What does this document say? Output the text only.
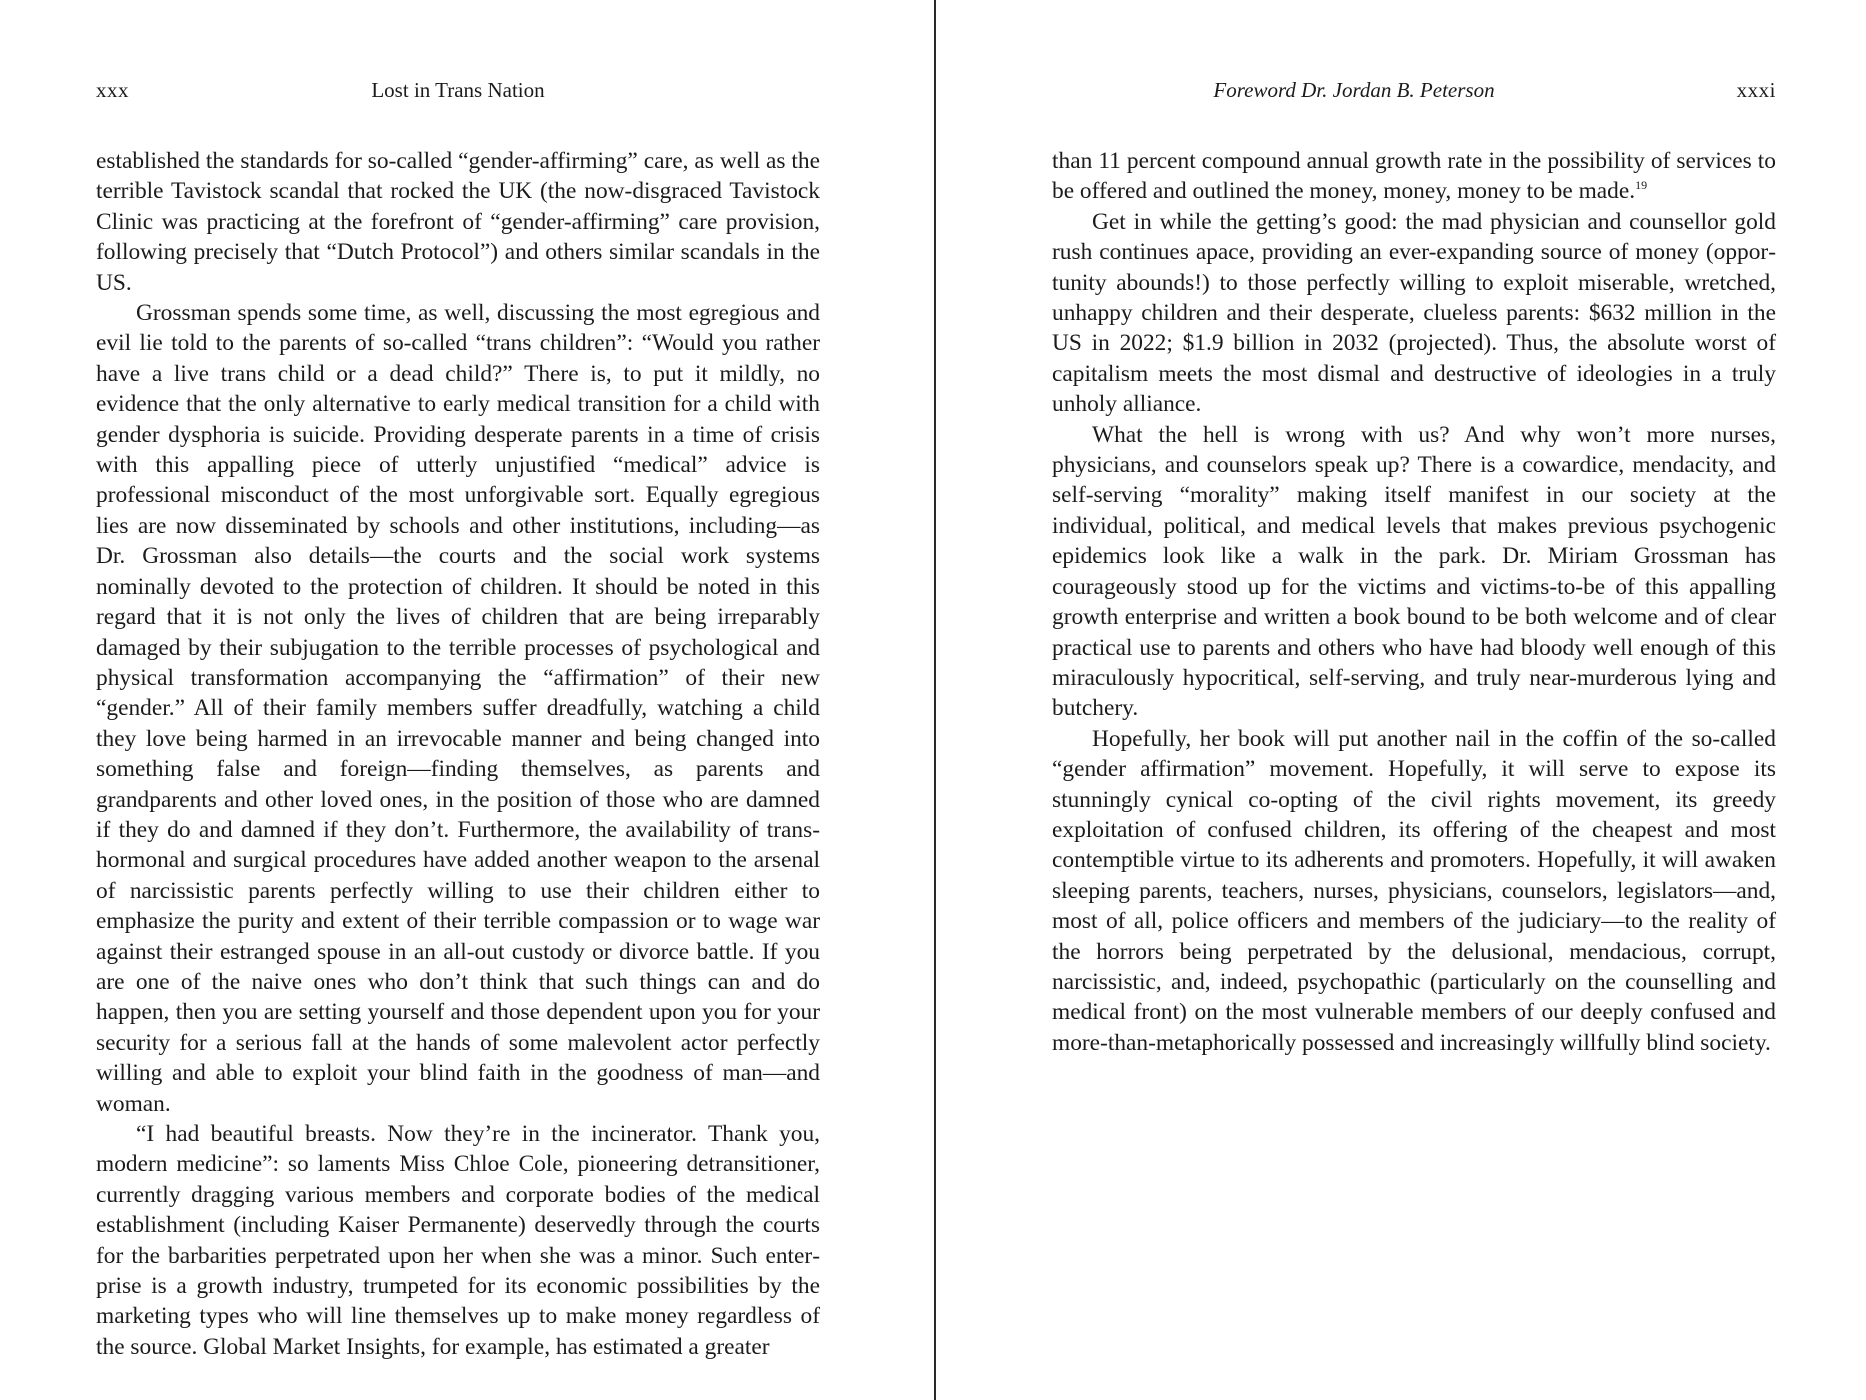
xxx	Lost in Trans Nation

established the standards for so-called “gender-affirming” care, as well as the terrible Tavistock scandal that rocked the UK (the now-disgraced Tavistock Clinic was practicing at the forefront of “gender-affirming” care provision, following precisely that “Dutch Protocol”) and others similar scandals in the US.

Grossman spends some time, as well, discussing the most egregious and evil lie told to the parents of so-called “trans children”: “Would you rather have a live trans child or a dead child?” There is, to put it mildly, no evidence that the only alternative to early medical transition for a child with gender dysphoria is suicide. Providing desperate parents in a time of crisis with this appalling piece of utterly unjustified “medical” advice is professional misconduct of the most unforgivable sort. Equally egregious lies are now disseminated by schools and other institutions, including—as Dr. Grossman also details—the courts and the social work systems nominally devoted to the protection of children. It should be noted in this regard that it is not only the lives of children that are being irreparably damaged by their subjugation to the terrible processes of psychological and physical transformation accompanying the “affirmation” of their new “gender.” All of their family members suffer dreadfully, watching a child they love being harmed in an irrevocable manner and being changed into something false and foreign—finding themselves, as parents and grandparents and other loved ones, in the position of those who are damned if they do and damned if they don’t. Furthermore, the availability of trans-hormonal and surgical procedures have added another weapon to the arsenal of narcissistic parents perfectly willing to use their children either to emphasize the purity and extent of their terrible compassion or to wage war against their estranged spouse in an all-out custody or divorce battle. If you are one of the naive ones who don’t think that such things can and do happen, then you are setting yourself and those dependent upon you for your security for a serious fall at the hands of some malevolent actor perfectly willing and able to exploit your blind faith in the goodness of man—and woman.

“I had beautiful breasts. Now they’re in the incinerator. Thank you, modern medicine”: so laments Miss Chloe Cole, pioneering detransitioner, currently dragging various members and corporate bodies of the medical establishment (including Kaiser Permanente) deservedly through the courts for the barbarities perpetrated upon her when she was a minor. Such enterprise is a growth industry, trumpeted for its economic possibilities by the marketing types who will line themselves up to make money regardless of the source. Global Market Insights, for example, has estimated a greater

Foreword Dr. Jordan B. Peterson	xxxi

than 11 percent compound annual growth rate in the possibility of services to be offered and outlined the money, money, money to be made.$^{19}$

Get in while the getting’s good: the mad physician and counsellor gold rush continues apace, providing an ever-expanding source of money (opportunity abounds!) to those perfectly willing to exploit miserable, wretched, unhappy children and their desperate, clueless parents: $632 million in the US in 2022; $1.9 billion in 2032 (projected). Thus, the absolute worst of capitalism meets the most dismal and destructive of ideologies in a truly unholy alliance.

What the hell is wrong with us? And why won’t more nurses, physicians, and counselors speak up? There is a cowardice, mendacity, and self-serving “morality” making itself manifest in our society at the individual, political, and medical levels that makes previous psychogenic epidemics look like a walk in the park. Dr. Miriam Grossman has courageously stood up for the victims and victims-to-be of this appalling growth enterprise and written a book bound to be both welcome and of clear practical use to parents and others who have had bloody well enough of this miraculously hypocritical, self-serving, and truly near-murderous lying and butchery.

Hopefully, her book will put another nail in the coffin of the so-called “gender affirmation” movement. Hopefully, it will serve to expose its stunningly cynical co-opting of the civil rights movement, its greedy exploitation of confused children, its offering of the cheapest and most contemptible virtue to its adherents and promoters. Hopefully, it will awaken sleeping parents, teachers, nurses, physicians, counselors, legislators—and, most of all, police officers and members of the judiciary—to the reality of the horrors being perpetrated by the delusional, mendacious, corrupt, narcissistic, and, indeed, psychopathic (particularly on the counselling and medical front) on the most vulnerable members of our deeply confused and more-than-metaphorically possessed and increasingly willfully blind society.
